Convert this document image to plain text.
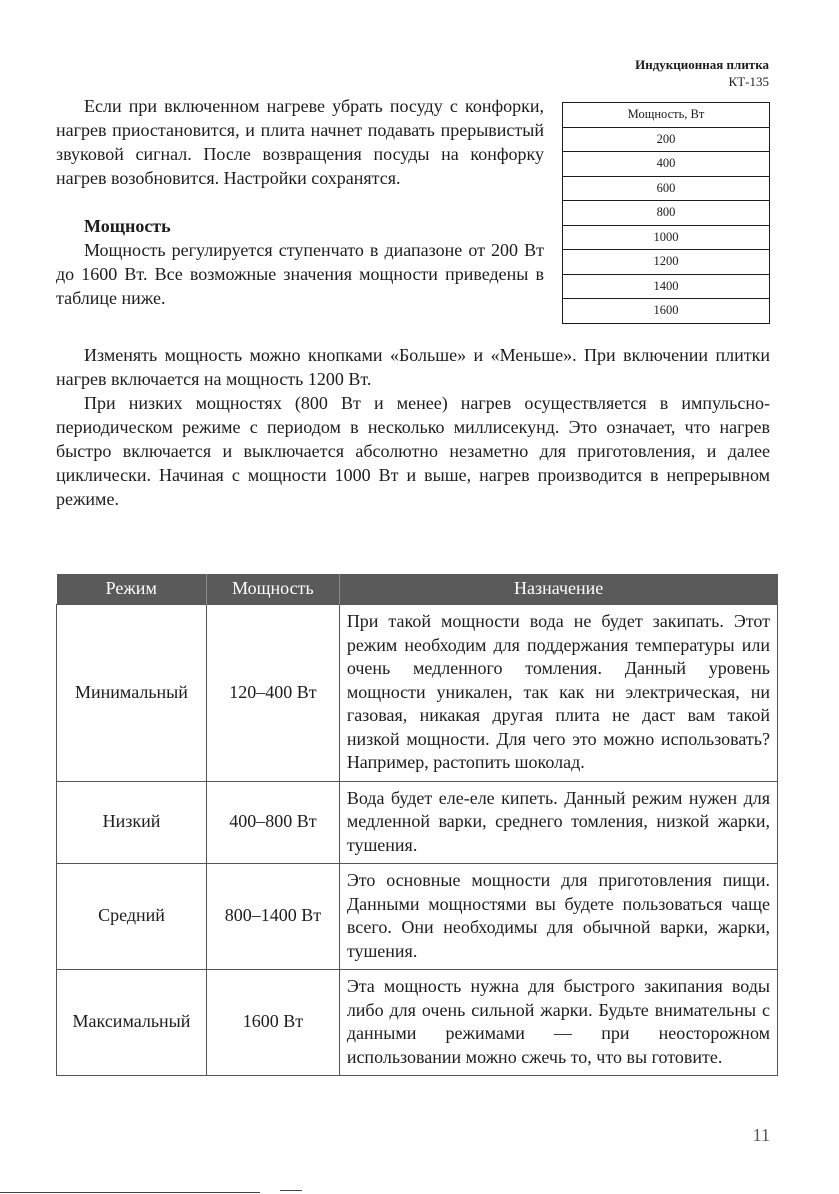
Индукционная плитка
КТ-135

Если при включенном нагреве убрать посуду с конфорки, нагрев приостановится, и плита начнет подавать прерывистый звуковой сигнал. После возвращения посуды на конфорку нагрев возобновится. Настройки сохранятся.

Мощность

Мощность регулируется ступенчато в диапазоне от 200 Вт до 1600 Вт. Все возможные значения мощности приведены в таблице ниже.

Мощность, Вт
200
400
600
800
1000
1200
1400
1600

Изменять мощность можно кнопками «Больше» и «Меньше». При включении плитки нагрев включается на мощность 1200 Вт.

При низких мощностях (800 Вт и менее) нагрев осуществляется в импульсно-периодическом режиме с периодом в несколько миллисекунд. Это означает, что нагрев быстро включается и выключается абсолютно незаметно для приготовления, и далее циклически. Начиная с мощности 1000 Вт и выше, нагрев производится в непрерывном режиме.

Режим	Мощность	Назначение
Минимальный	120–400 Вт	При такой мощности вода не будет закипать. Этот режим необходим для поддержания температуры или очень медленного томления. Данный уровень мощности уникален, так как ни электрическая, ни газовая, никакая другая плита не даст вам такой низкой мощности. Для чего это можно использовать? Например, растопить шоколад.
Низкий	400–800 Вт	Вода будет еле-еле кипеть. Данный режим нужен для медленной варки, среднего томления, низкой жарки, тушения.
Средний	800–1400 Вт	Это основные мощности для приготовления пищи. Данными мощностями вы будете пользоваться чаще всего. Они необходимы для обычной варки, жарки, тушения.
Максимальный	1600 Вт	Эта мощность нужна для быстрого закипания воды либо для очень сильной жарки. Будьте внимательны с данными режимами — при неосторожном использовании можно сжечь то, что вы готовите.
11
